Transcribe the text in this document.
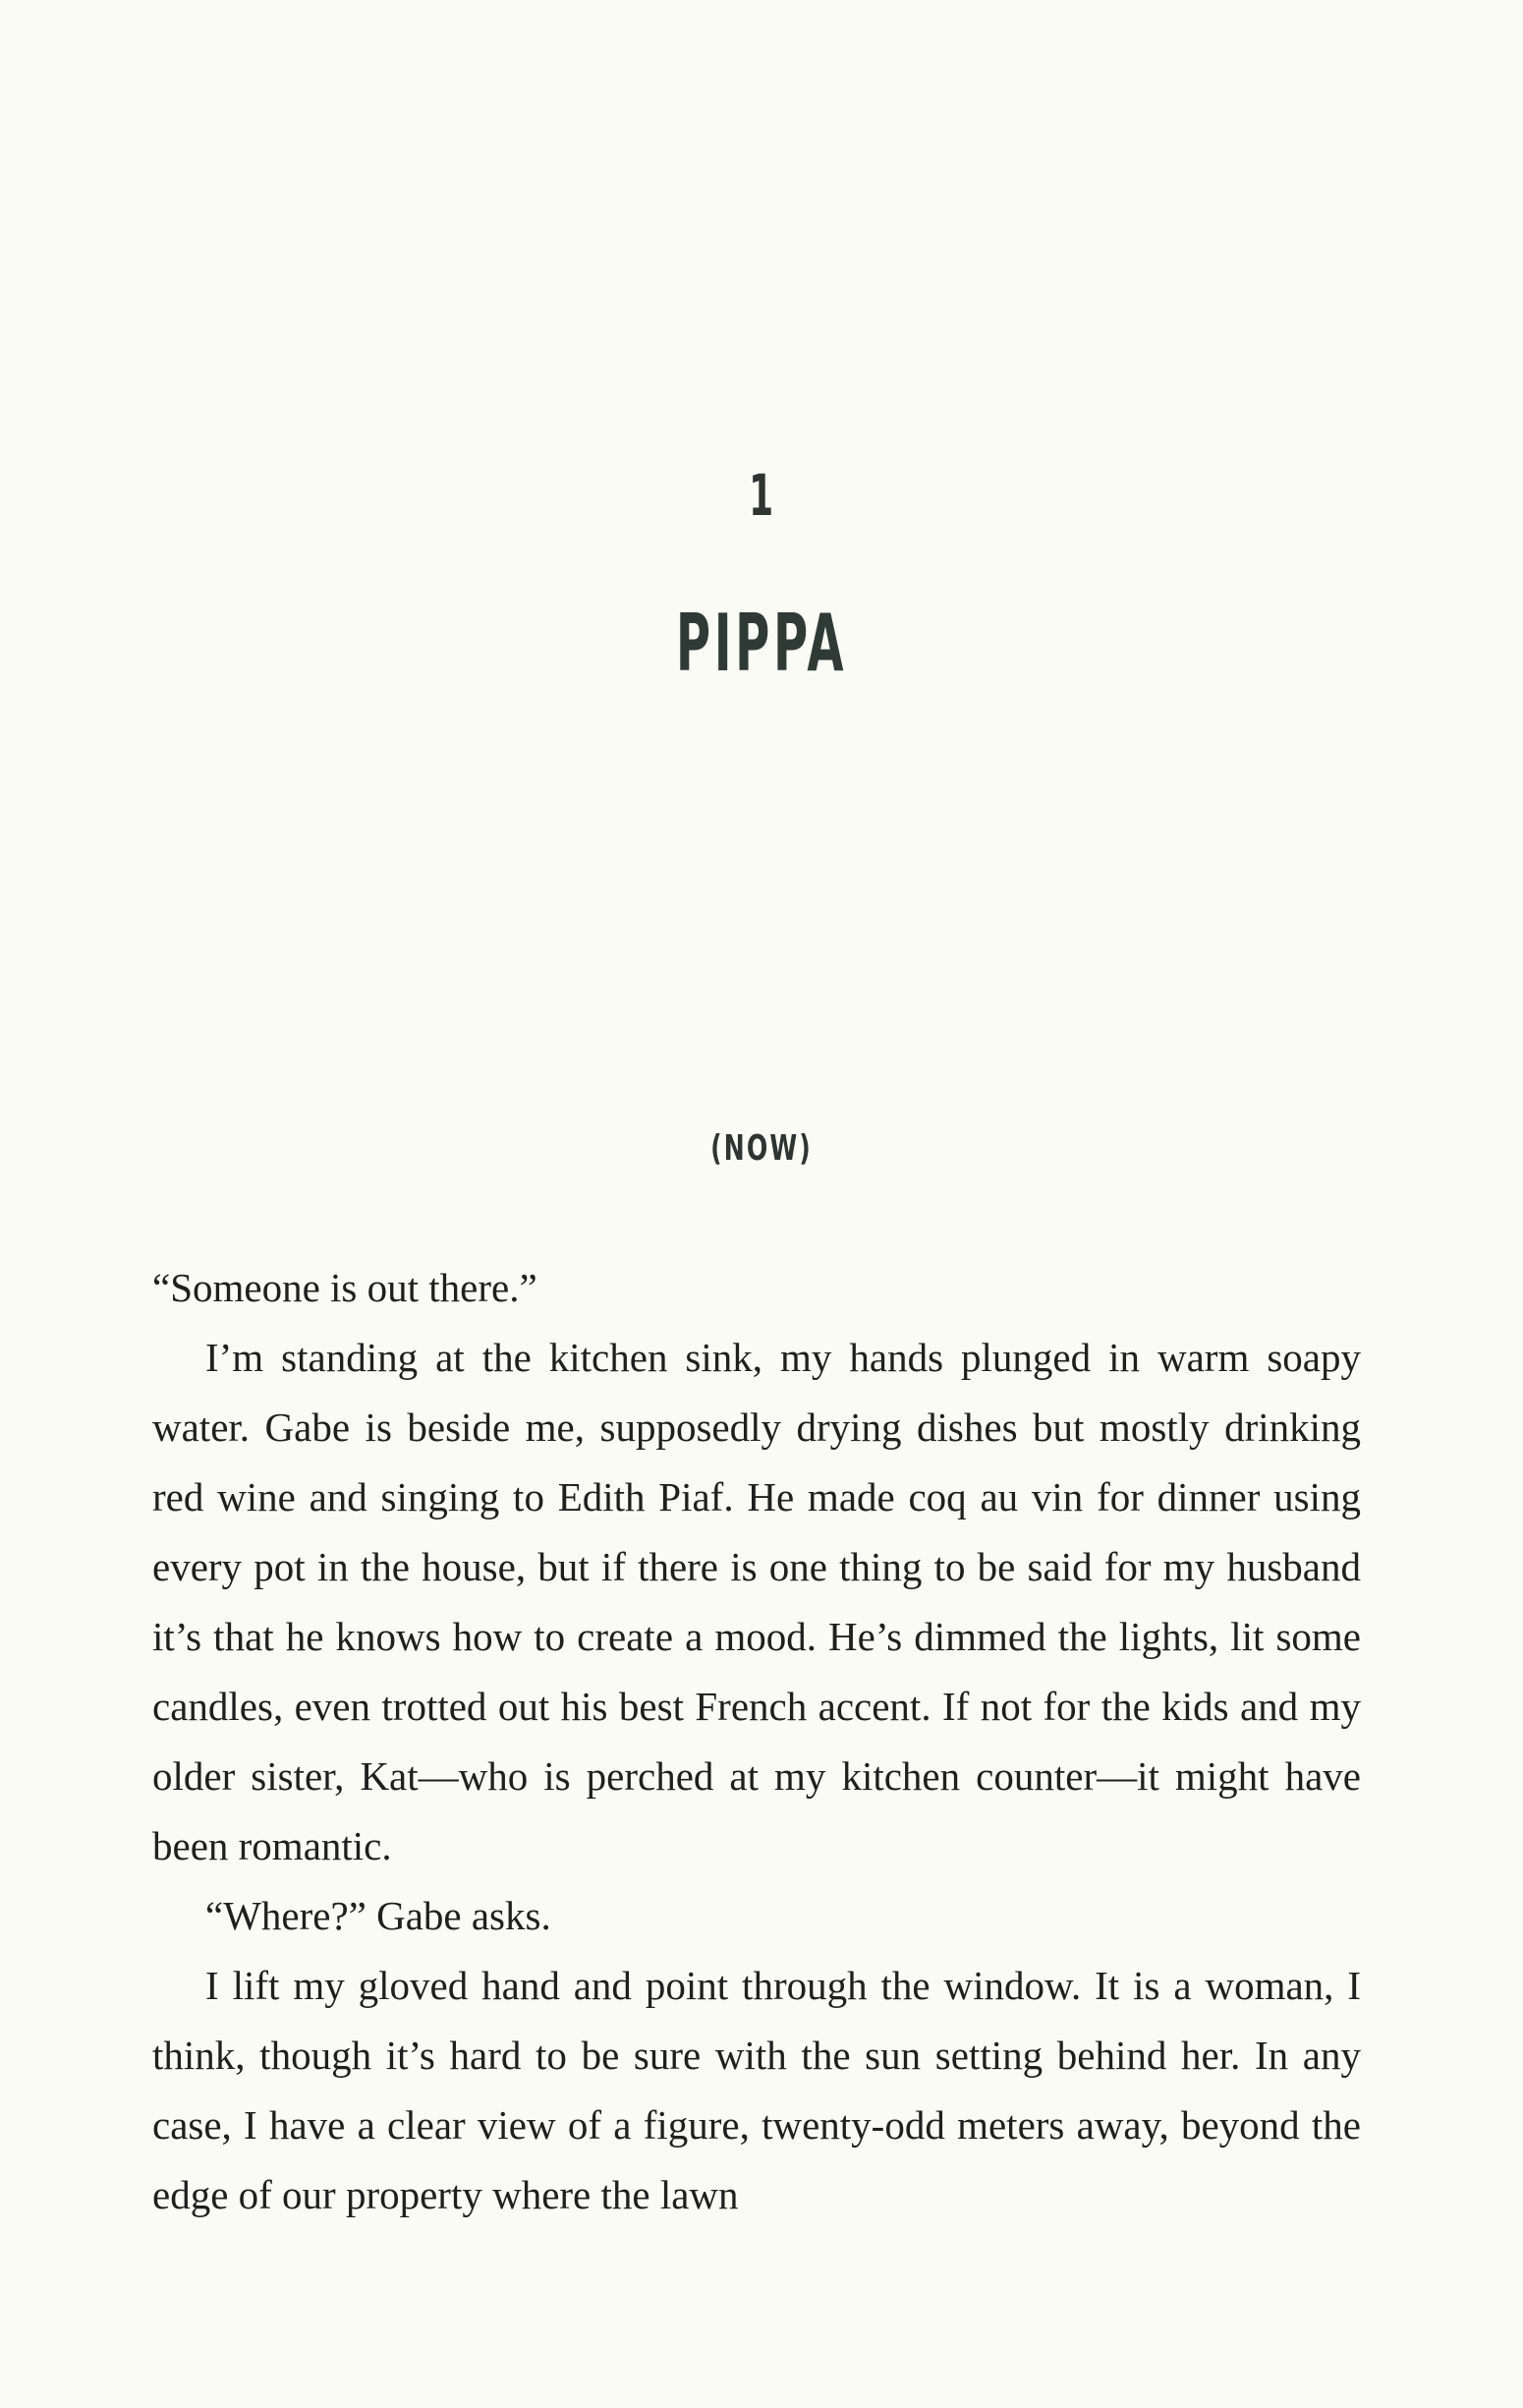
1
PIPPA
(NOW)

“Someone is out there.”

I’m standing at the kitchen sink, my hands plunged in warm soapy water. Gabe is beside me, supposedly drying dishes but mostly drinking red wine and singing to Edith Piaf. He made coq au vin for dinner using every pot in the house, but if there is one thing to be said for my husband it’s that he knows how to create a mood. He’s dimmed the lights, lit some candles, even trotted out his best French accent. If not for the kids and my older sister, Kat—who is perched at my kitchen counter—it might have been romantic.

“Where?” Gabe asks.

I lift my gloved hand and point through the window. It is a woman, I think, though it’s hard to be sure with the sun setting behind her. In any case, I have a clear view of a figure, twenty-odd meters away, beyond the edge of our property where the lawn
